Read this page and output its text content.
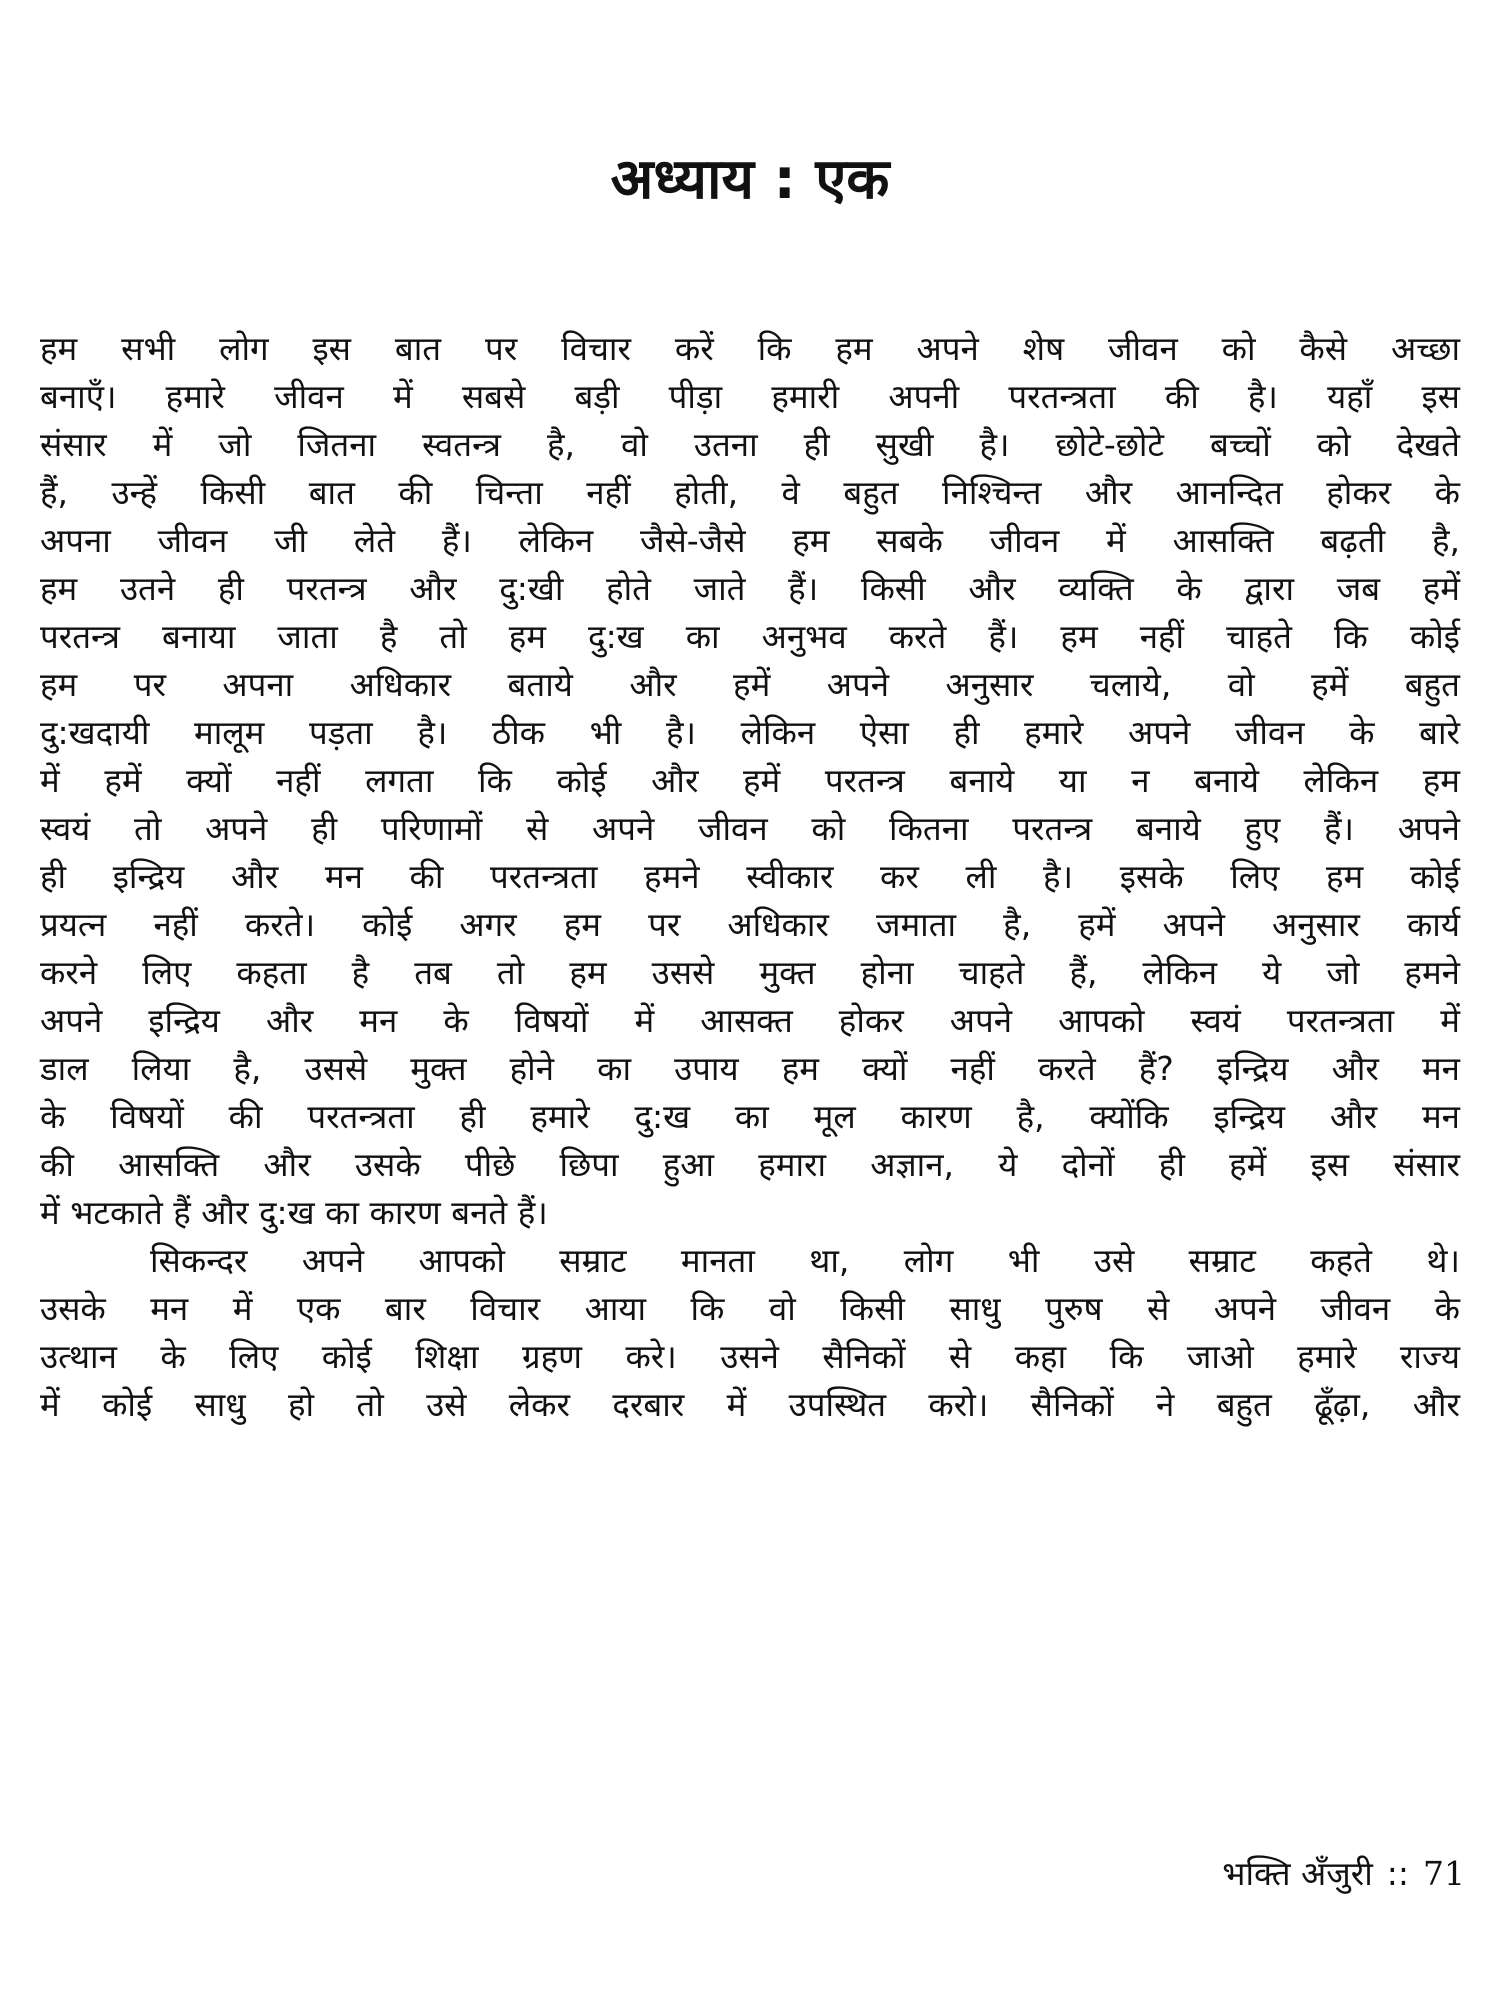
अध्याय : एक

हम सभी लोग इस बात पर विचार करें कि हम अपने शेष जीवन को कैसे अच्छा
बनाएँ। हमारे जीवन में सबसे बड़ी पीड़ा हमारी अपनी परतन्त्रता की है। यहाँ इस
संसार में जो जितना स्वतन्त्र है, वो उतना ही सुखी है। छोटे-छोटे बच्चों को देखते
हैं, उन्हें किसी बात की चिन्ता नहीं होती, वे बहुत निश्चिन्त और आनन्दित होकर के
अपना जीवन जी लेते हैं। लेकिन जैसे-जैसे हम सबके जीवन में आसक्ति बढ़ती है,
हम उतने ही परतन्त्र और दु:खी होते जाते हैं। किसी और व्यक्ति के द्वारा जब हमें
परतन्त्र बनाया जाता है तो हम दु:ख का अनुभव करते हैं। हम नहीं चाहते कि कोई
हम पर अपना अधिकार बताये और हमें अपने अनुसार चलाये, वो हमें बहुत
दु:खदायी मालूम पड़ता है। ठीक भी है। लेकिन ऐसा ही हमारे अपने जीवन के बारे
में हमें क्यों नहीं लगता कि कोई और हमें परतन्त्र बनाये या न बनाये लेकिन हम
स्वयं तो अपने ही परिणामों से अपने जीवन को कितना परतन्त्र बनाये हुए हैं। अपने
ही इन्द्रिय और मन की परतन्त्रता हमने स्वीकार कर ली है। इसके लिए हम कोई
प्रयत्न नहीं करते। कोई अगर हम पर अधिकार जमाता है, हमें अपने अनुसार कार्य
करने लिए कहता है तब तो हम उससे मुक्त होना चाहते हैं, लेकिन ये जो हमने
अपने इन्द्रिय और मन के विषयों में आसक्त होकर अपने आपको स्वयं परतन्त्रता में
डाल लिया है, उससे मुक्त होने का उपाय हम क्यों नहीं करते हैं? इन्द्रिय और मन
के विषयों की परतन्त्रता ही हमारे दु:ख का मूल कारण है, क्योंकि इन्द्रिय और मन
की आसक्ति और उसके पीछे छिपा हुआ हमारा अज्ञान, ये दोनों ही हमें इस संसार
में भटकाते हैं और दु:ख का कारण बनते हैं।

सिकन्दर अपने आपको सम्राट मानता था, लोग भी उसे सम्राट कहते थे।
उसके मन में एक बार विचार आया कि वो किसी साधु पुरुष से अपने जीवन के
उत्थान के लिए कोई शिक्षा ग्रहण करे। उसने सैनिकों से कहा कि जाओ हमारे राज्य
में कोई साधु हो तो उसे लेकर दरबार में उपस्थित करो। सैनिकों ने बहुत ढूँढ़ा, और

भक्ति अँजुरी :: 71
